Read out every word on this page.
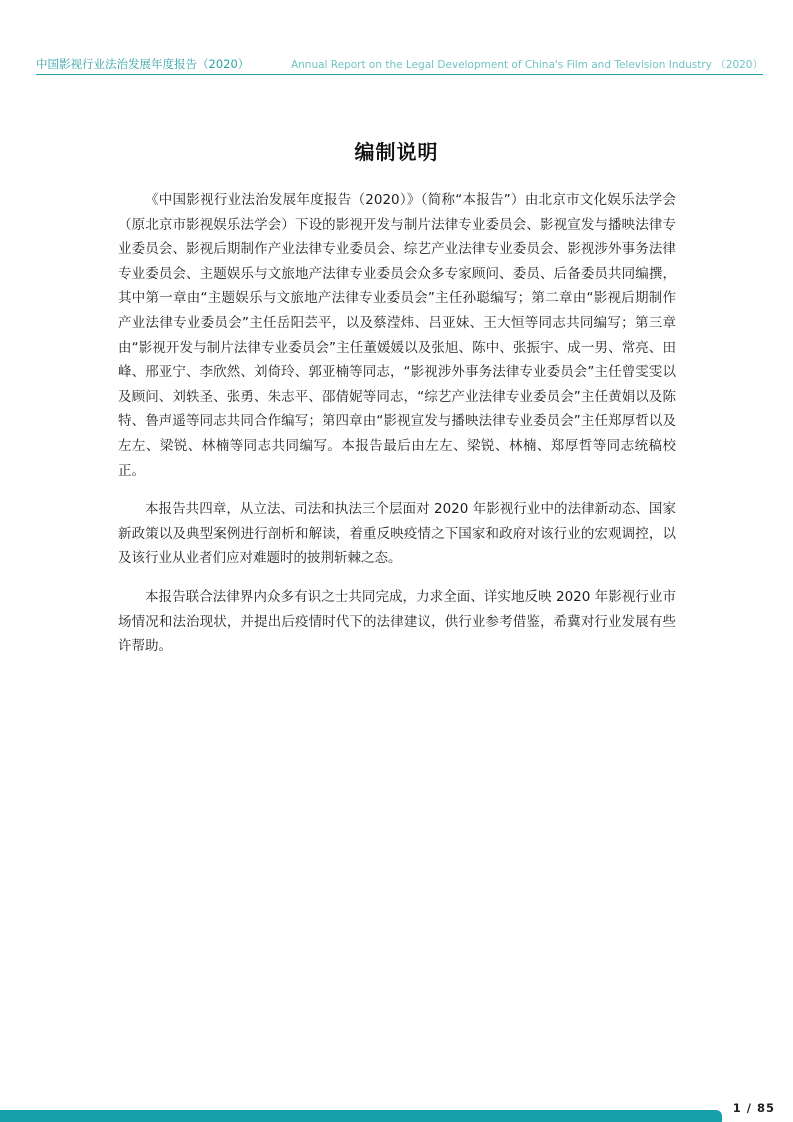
中国影视行业法治发展年度报告（2020）	Annual Report on the Legal Development of China's Film and Television Industry （2020）
编制说明

《中国影视行业法治发展年度报告（2020）》（简称“本报告”）由北京市文化娱乐法学会（原北京市影视娱乐法学会）下设的影视开发与制片法律专业委员会、影视宣发与播映法律专业委员会、影视后期制作产业法律专业委员会、综艺产业法律专业委员会、影视涉外事务法律专业委员会、主题娱乐与文旅地产法律专业委员会众多专家顾问、委员、后备委员共同编撰，其中第一章由“主题娱乐与文旅地产法律专业委员会”主任孙聪编写；第二章由“影视后期制作产业法律专业委员会”主任岳阳芸平，以及蔡滢炜、吕亚妹、王大恒等同志共同编写；第三章由“影视开发与制片法律专业委员会”主任董媛媛以及张旭、陈中、张振宇、成一男、常亮、田峰、邢亚宁、李欣然、刘倚玲、郭亚楠等同志，“影视涉外事务法律专业委员会”主任曾雯雯以及顾问、刘轶圣、张勇、朱志平、邵倩妮等同志，“综艺产业法律专业委员会”主任黄娟以及陈特、鲁声遥等同志共同合作编写；第四章由“影视宣发与播映法律专业委员会”主任郑厚哲以及左左、梁锐、林楠等同志共同编写。本报告最后由左左、梁锐、林楠、郑厚哲等同志统稿校正。

本报告共四章，从立法、司法和执法三个层面对 2020 年影视行业中的法律新动态、国家新政策以及典型案例进行剖析和解读，着重反映疫情之下国家和政府对该行业的宏观调控，以及该行业从业者们应对难题时的披荆斩棘之态。

本报告联合法律界内众多有识之士共同完成，力求全面、详实地反映 2020 年影视行业市场情况和法治现状，并提出后疫情时代下的法律建议，供行业参考借鉴，希冀对行业发展有些许帮助。

1 / 85
